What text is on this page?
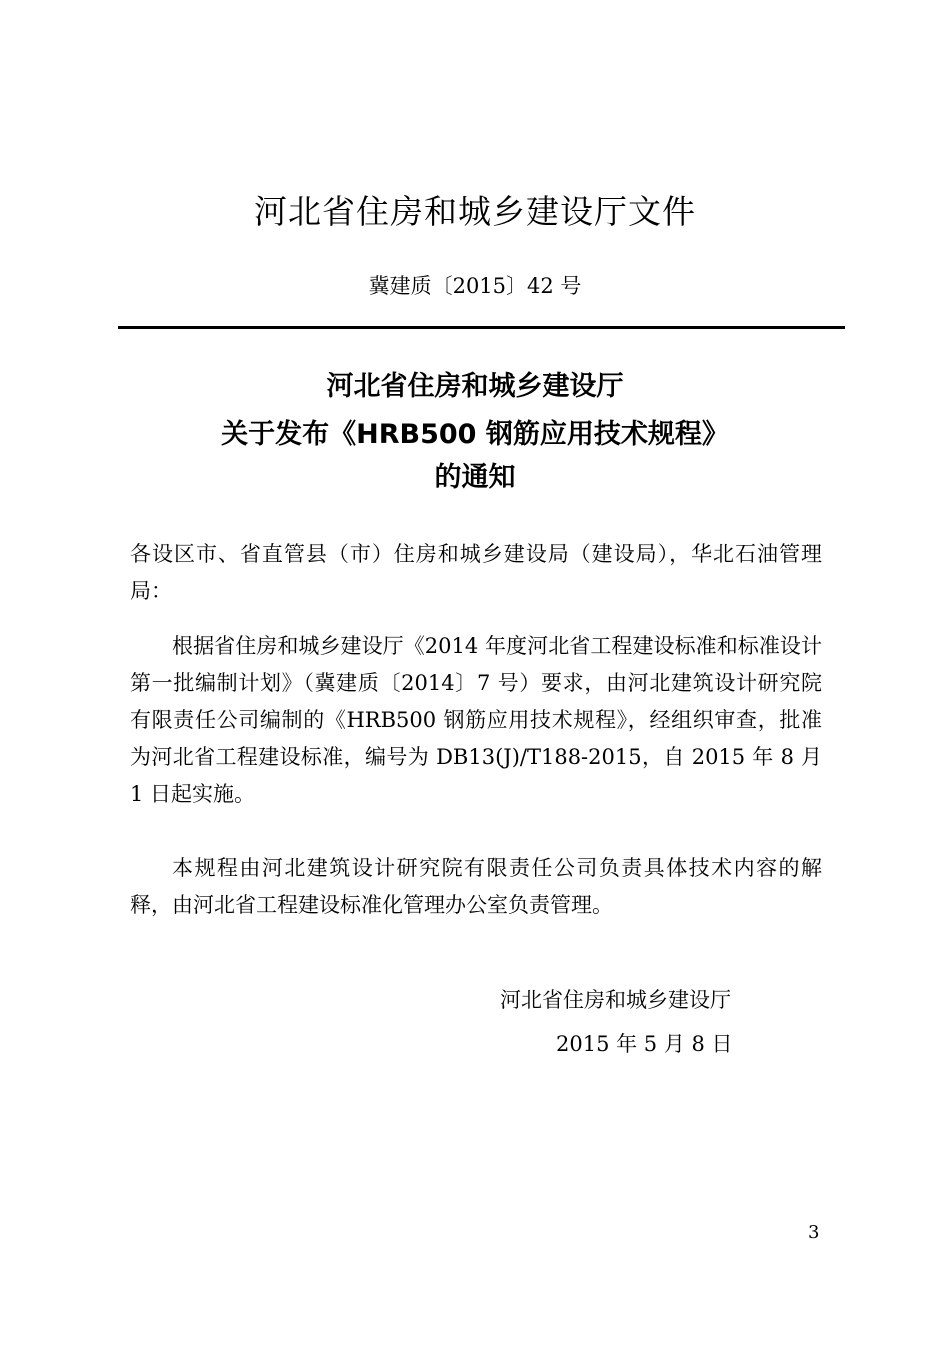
河北省住房和城乡建设厅文件
冀建质〔2015〕42 号
河北省住房和城乡建设厅
关于发布《HRB500 钢筋应用技术规程》
的通知
各设区市、省直管县（市）住房和城乡建设局（建设局），华北石油管理局：
根据省住房和城乡建设厅《2014 年度河北省工程建设标准和标准设计第一批编制计划》（冀建质〔2014〕7 号）要求，由河北建筑设计研究院有限责任公司编制的《HRB500 钢筋应用技术规程》，经组织审查，批准为河北省工程建设标准，编号为 DB13(J)/T188-2015，自 2015 年 8 月 1 日起实施。
本规程由河北建筑设计研究院有限责任公司负责具体技术内容的解释，由河北省工程建设标准化管理办公室负责管理。
河北省住房和城乡建设厅
2015 年 5 月 8 日
3
